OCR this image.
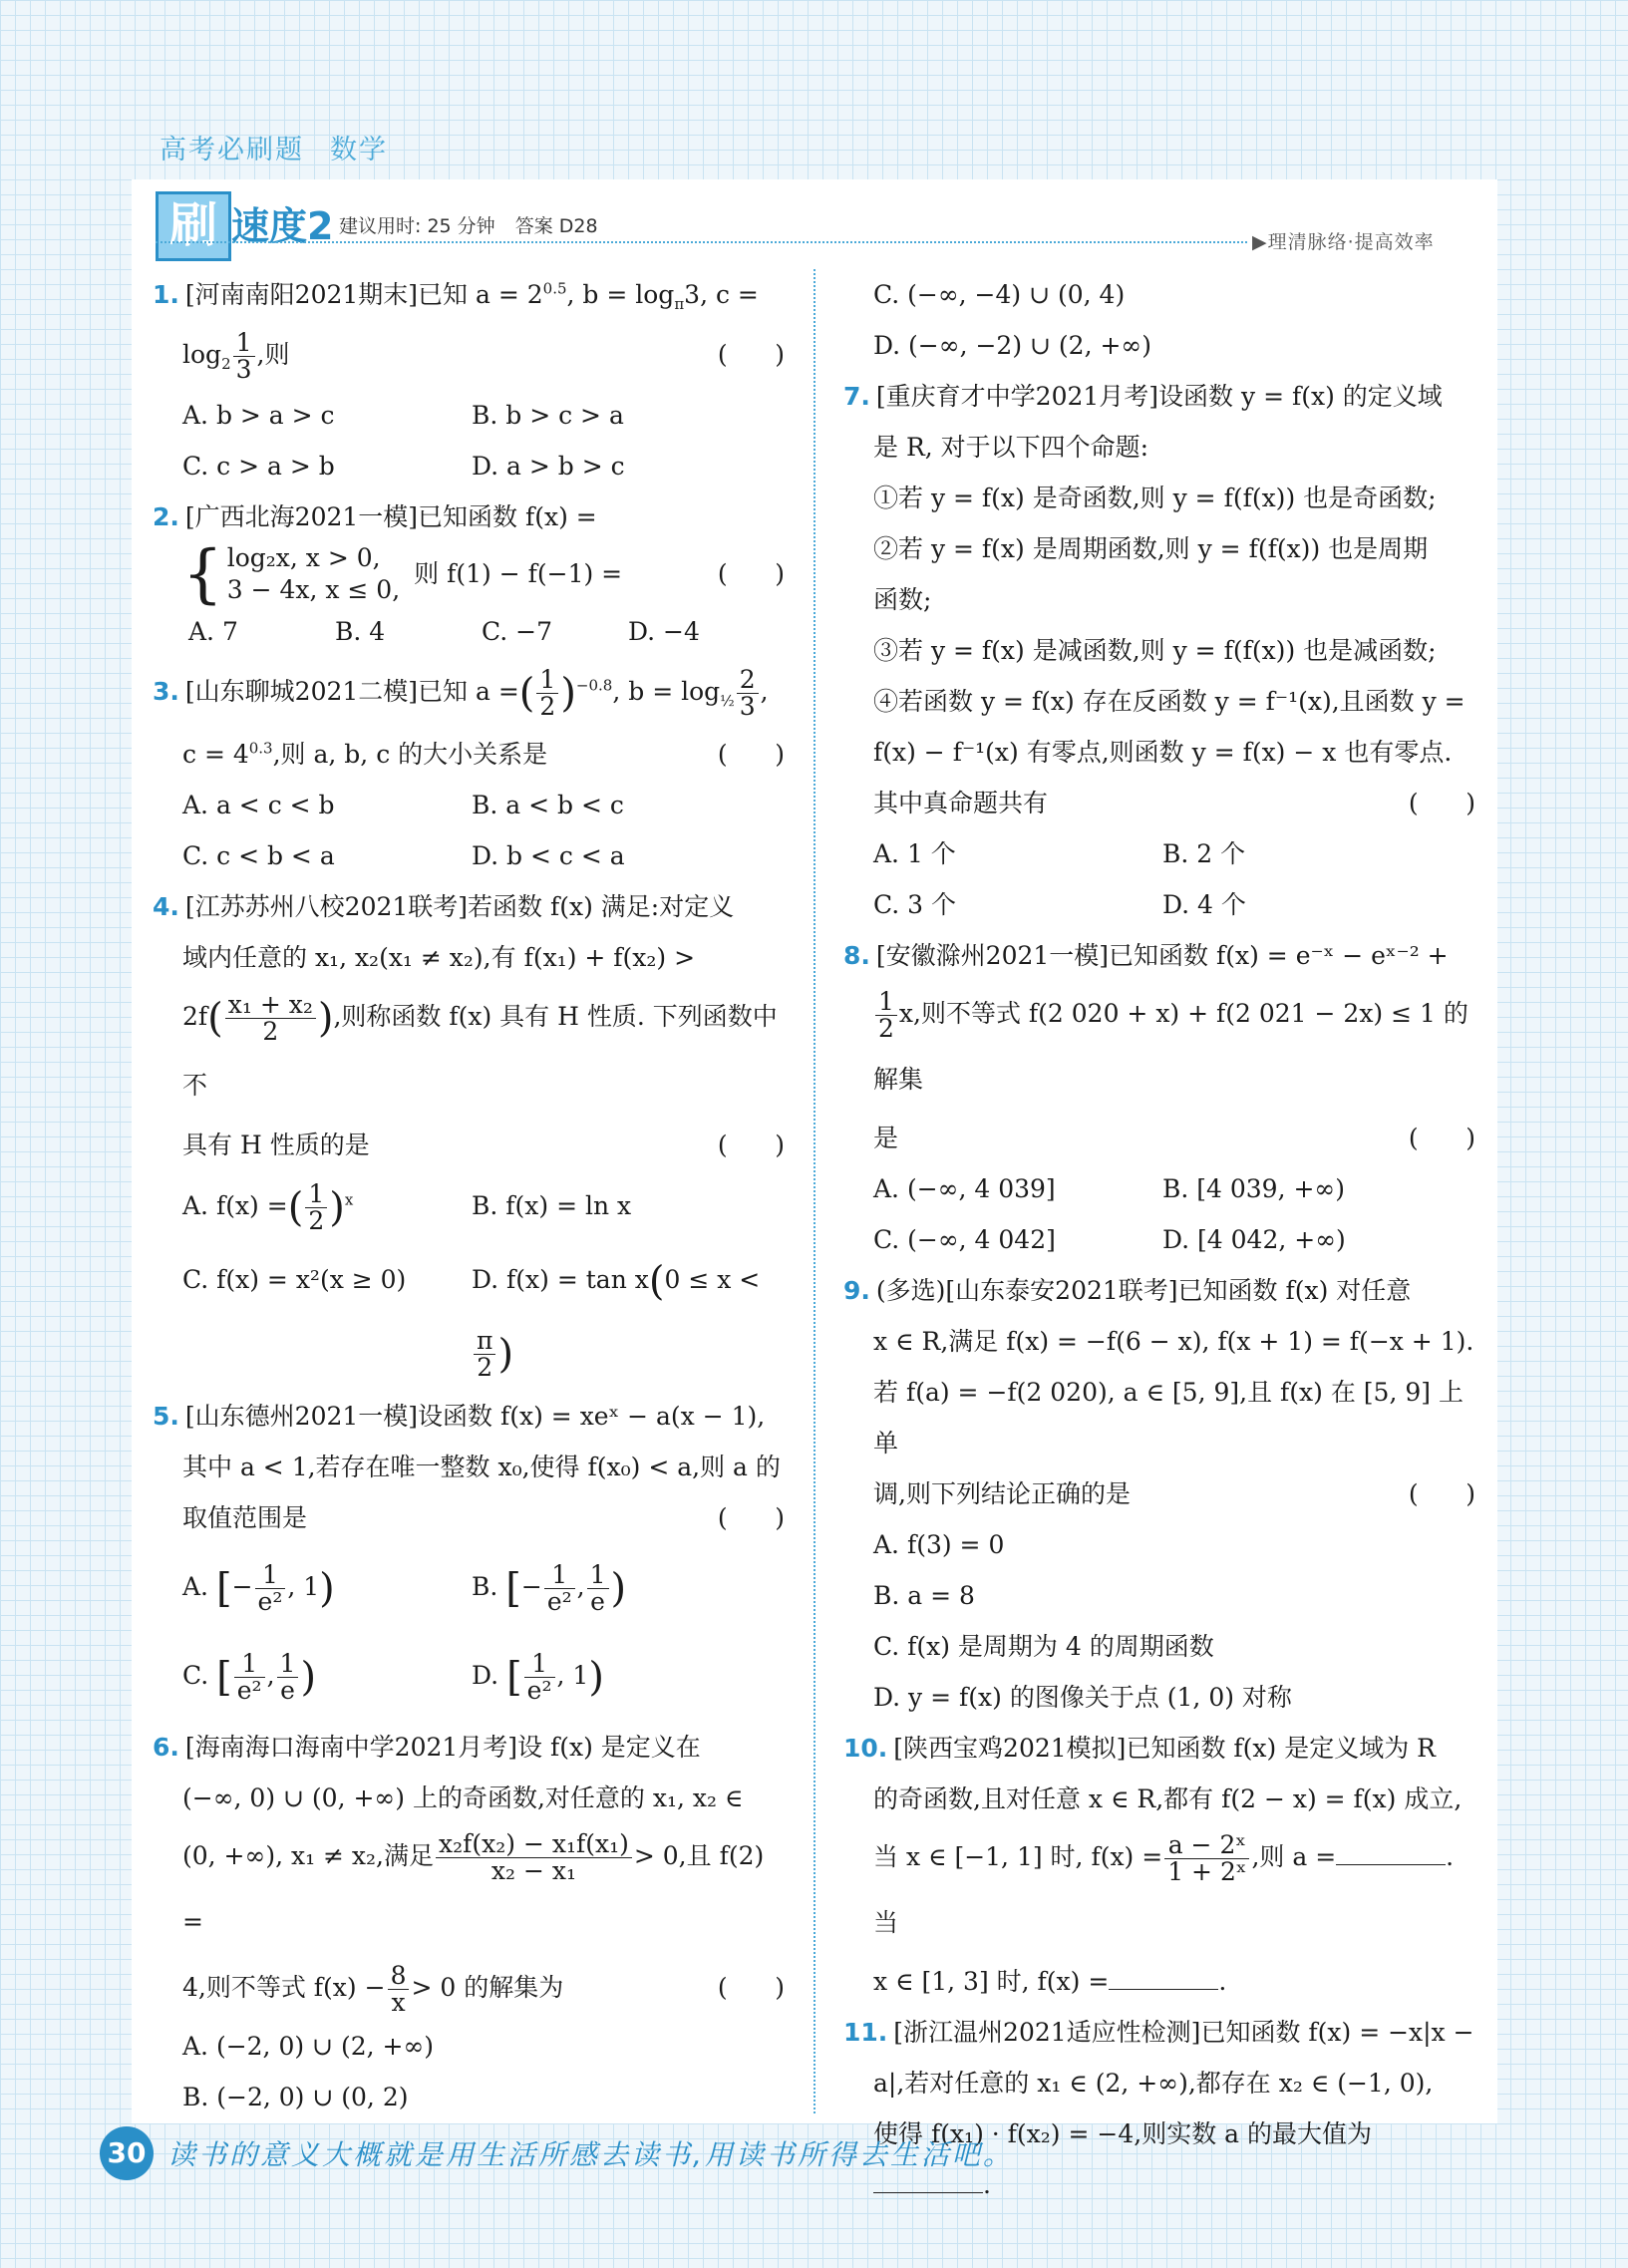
高考必刷题 数学
刷 速度2 建议用时: 25 分钟 答案 D28
▶理清脉络·提高效率
1. [河南南阳2021期末]已知 $a = 2^{0.5}$, $b = \log_\pi 3$, c =
$\log_2 \frac{1}{3}$ ,则	(      )
A. b > a > c	B. b > c > a
C. c > a > b	D. a > b > c
2. [广西北海2021一模]已知函数 f(x) =
{ log₂x, x > 0,
3 − 4x, x ≤ 0,
则 f(1) − f(−1) =	(      )
A. 7	B. 4	C. −7	D. −4
3. [山东聊城2021二模]已知 a =( $\frac{1}{2} )^{-0.8}$, $b = \log_{\frac{1}{2}} \frac{2}{3}$ ,
$c = 4^{0.3}$,则 a, b, c 的大小关系是	(      )
A. a < c < b	B. a < b < c
C. c < b < a	D. b < c < a
4. [江苏苏州八校2021联考]若函数 f(x) 满足:对定义
域内任意的 x₁, x₂(x₁ ≠ x₂),有 f(x₁) + f(x₂) >
$2f( \frac{\text{x₁ + x₂}}{2}$ ),则称函数 f(x) 具有 H 性质. 下列函数中不
具有 H 性质的是	(      )
A. f(x) =( $\frac{1}{2} )^x$	B. f(x) = ln x
C. f(x) = x²(x ≥ 0)	D. f(x) = tan x(0 ≤ x <
$\frac{\pi}{2}$ )
5. [山东德州2021一模]设函数 f(x) = xeˣ − a(x − 1),
其中 a < 1,若存在唯一整数 x₀,使得 f(x₀) < a,则 a 的
取值范围是	(      )
A. [− $\frac{1}{\text{e²}}$ , 1)	B. [− $\frac{1}{\text{e²}}$ , $\frac{1}{e}$ )
C. [ $\frac{1}{\text{e²}}$ , $\frac{1}{e}$ )	D. [ $\frac{1}{\text{e²}}$ , 1)
6. [海南海口海南中学2021月考]设 f(x) 是定义在
(−∞, 0) ∪ (0, +∞) 上的奇函数,对任意的 x₁, x₂ ∈
(0, +∞), x₁ ≠ x₂,满足 $\frac{\text{x₂f(x₂) − x₁f(x₁)}}{\text{x₂ − x₁}} > 0$,且 f(2) =
4,则不等式 $f(x) - \frac{8}{x} > 0$ 的解集为	(      )
A. (−2, 0) ∪ (2, +∞)
B. (−2, 0) ∪ (0, 2)
C. (−∞, −4) ∪ (0, 4)
D. (−∞, −2) ∪ (2, +∞)
7. [重庆育才中学2021月考]设函数 y = f(x) 的定义域
是 R, 对于以下四个命题:
①若 y = f(x) 是奇函数,则 y = f(f(x)) 也是奇函数;
②若 y = f(x) 是周期函数,则 y = f(f(x)) 也是周期
函数;
③若 y = f(x) 是减函数,则 y = f(f(x)) 也是减函数;
④若函数 y = f(x) 存在反函数 y = f⁻¹(x),且函数 y =
f(x) − f⁻¹(x) 有零点,则函数 y = f(x) − x 也有零点.
其中真命题共有	(      )
A. 1 个	B. 2 个
C. 3 个	D. 4 个
8. [安徽滁州2021一模]已知函数 f(x) = e⁻ˣ − eˣ⁻² +
$\frac{1}{2} x$,则不等式 f(2 020 + x) + f(2 021 − 2x) ≤ 1 的解集
是	(      )
A. (−∞, 4 039]	B. [4 039, +∞)
C. (−∞, 4 042]	D. [4 042, +∞)
9. (多选)[山东泰安2021联考]已知函数 f(x) 对任意
x ∈ R,满足 f(x) = −f(6 − x), f(x + 1) = f(−x + 1).
若 f(a) = −f(2 020), a ∈ [5, 9],且 f(x) 在 [5, 9] 上单
调,则下列结论正确的是	(      )
A. f(3) = 0
B. a = 8
C. f(x) 是周期为 4 的周期函数
D. y = f(x) 的图像关于点 (1, 0) 对称
10. [陕西宝鸡2021模拟]已知函数 f(x) 是定义域为 R
的奇函数,且对任意 x ∈ R,都有 f(2 − x) = f(x) 成立,
当 x ∈ [−1, 1] 时, $f(x) = \frac{\text{a − 2ˣ}}{\text{1 + 2ˣ}}$ ,则 a =	. 当
x ∈ [1, 3] 时, f(x) =	.
11. [浙江温州2021适应性检测]已知函数 f(x) = −x|x −
a|,若对任意的 x₁ ∈ (2, +∞),都存在 x₂ ∈ (−1, 0),
使得 f(x₁) · f(x₂) = −4,则实数 a 的最大值为
.
30 读书的意义大概就是用生活所感去读书,用读书所得去生活吧。
